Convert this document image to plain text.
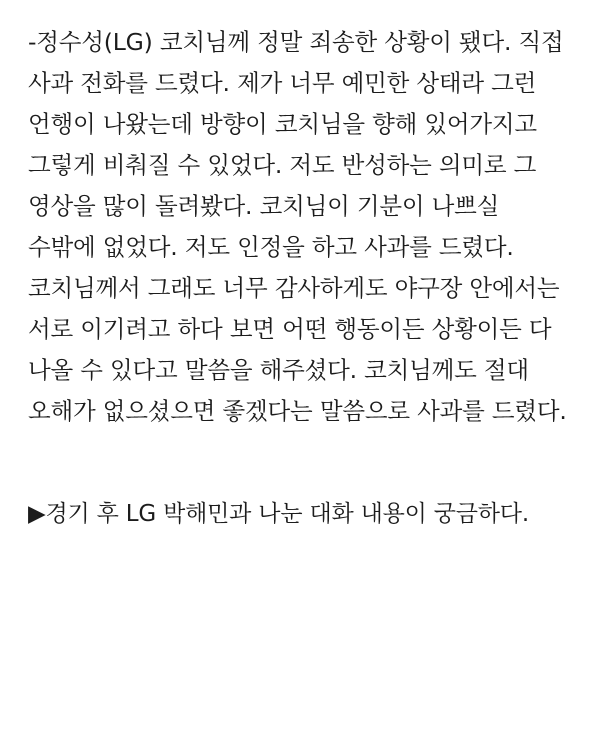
-정수성(LG) 코치님께 정말 죄송한 상황이 됐다. 직접 사과 전화를 드렸다. 제가 너무 예민한 상태라 그런 언행이 나왔는데 방향이 코치님을 향해 있어가지고 그렇게 비춰질 수 있었다. 저도 반성하는 의미로 그 영상을 많이 돌려봤다. 코치님이 기분이 나쁘실 수밖에 없었다. 저도 인정을 하고 사과를 드렸다. 코치님께서 그래도 너무 감사하게도 야구장 안에서는 서로 이기려고 하다 보면 어떤 행동이든 상황이든 다 나올 수 있다고 말씀을 해주셨다. 코치님께도 절대 오해가 없으셨으면 좋겠다는 말씀으로 사과를 드렸다.

▶경기 후 LG 박해민과 나눈 대화 내용이 궁금하다.
